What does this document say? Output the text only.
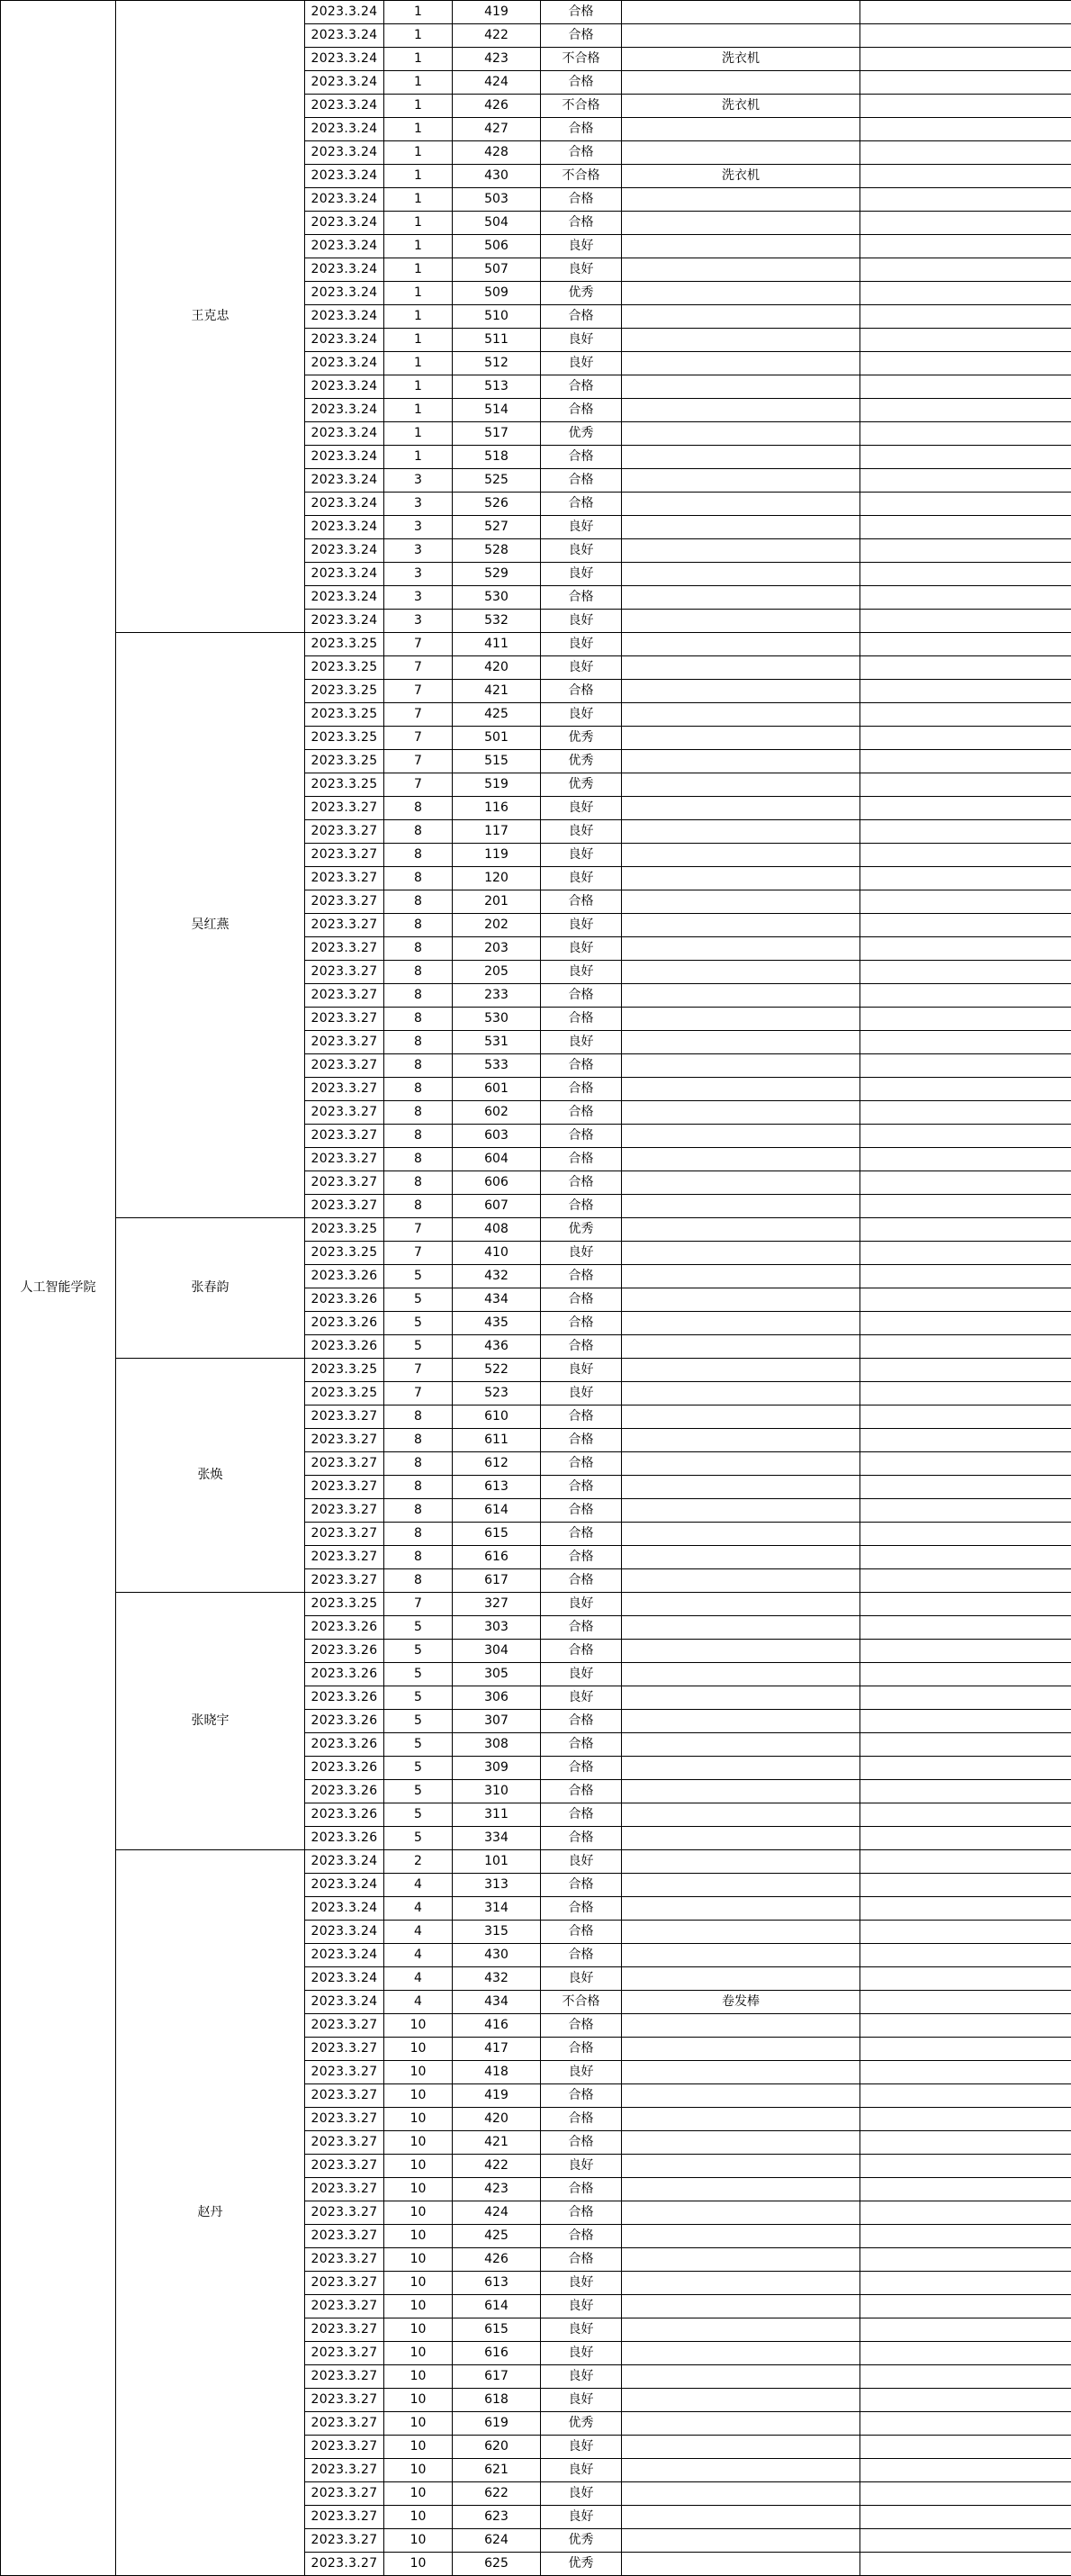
人工智能学院	王克忠	2023.3.24	1	419	合格		
		2023.3.24	1	422	合格		
		2023.3.24	1	423	不合格	洗衣机	
		2023.3.24	1	424	合格		
		2023.3.24	1	426	不合格	洗衣机	
		2023.3.24	1	427	合格		
		2023.3.24	1	428	合格		
		2023.3.24	1	430	不合格	洗衣机	
		2023.3.24	1	503	合格		
		2023.3.24	1	504	合格		
		2023.3.24	1	506	良好		
		2023.3.24	1	507	良好		
		2023.3.24	1	509	优秀		
		2023.3.24	1	510	合格		
		2023.3.24	1	511	良好		
		2023.3.24	1	512	良好		
		2023.3.24	1	513	合格		
		2023.3.24	1	514	合格		
		2023.3.24	1	517	优秀		
		2023.3.24	1	518	合格		
		2023.3.24	3	525	合格		
		2023.3.24	3	526	合格		
		2023.3.24	3	527	良好		
		2023.3.24	3	528	良好		
		2023.3.24	3	529	良好		
		2023.3.24	3	530	合格		
		2023.3.24	3	532	良好		
	吴红燕	2023.3.25	7	411	良好		
		2023.3.25	7	420	良好		
		2023.3.25	7	421	合格		
		2023.3.25	7	425	良好		
		2023.3.25	7	501	优秀		
		2023.3.25	7	515	优秀		
		2023.3.25	7	519	优秀		
		2023.3.27	8	116	良好		
		2023.3.27	8	117	良好		
		2023.3.27	8	119	良好		
		2023.3.27	8	120	良好		
		2023.3.27	8	201	合格		
		2023.3.27	8	202	良好		
		2023.3.27	8	203	良好		
		2023.3.27	8	205	良好		
		2023.3.27	8	233	合格		
		2023.3.27	8	530	合格		
		2023.3.27	8	531	良好		
		2023.3.27	8	533	合格		
		2023.3.27	8	601	合格		
		2023.3.27	8	602	合格		
		2023.3.27	8	603	合格		
		2023.3.27	8	604	合格		
		2023.3.27	8	606	合格		
		2023.3.27	8	607	合格		
	张春韵	2023.3.25	7	408	优秀		
		2023.3.25	7	410	良好		
		2023.3.26	5	432	合格		
		2023.3.26	5	434	合格		
		2023.3.26	5	435	合格		
		2023.3.26	5	436	合格		
	张焕	2023.3.25	7	522	良好		
		2023.3.25	7	523	良好		
		2023.3.27	8	610	合格		
		2023.3.27	8	611	合格		
		2023.3.27	8	612	合格		
		2023.3.27	8	613	合格		
		2023.3.27	8	614	合格		
		2023.3.27	8	615	合格		
		2023.3.27	8	616	合格		
		2023.3.27	8	617	合格		
	张晓宇	2023.3.25	7	327	良好		
		2023.3.26	5	303	合格		
		2023.3.26	5	304	合格		
		2023.3.26	5	305	良好		
		2023.3.26	5	306	良好		
		2023.3.26	5	307	合格		
		2023.3.26	5	308	合格		
		2023.3.26	5	309	合格		
		2023.3.26	5	310	合格		
		2023.3.26	5	311	合格		
		2023.3.26	5	334	合格		
	赵丹	2023.3.24	2	101	良好		
		2023.3.24	4	313	合格		
		2023.3.24	4	314	合格		
		2023.3.24	4	315	合格		
		2023.3.24	4	430	合格		
		2023.3.24	4	432	良好		
		2023.3.24	4	434	不合格	卷发棒	
		2023.3.27	10	416	合格		
		2023.3.27	10	417	合格		
		2023.3.27	10	418	良好		
		2023.3.27	10	419	合格		
		2023.3.27	10	420	合格		
		2023.3.27	10	421	合格		
		2023.3.27	10	422	良好		
		2023.3.27	10	423	合格		
		2023.3.27	10	424	合格		
		2023.3.27	10	425	合格		
		2023.3.27	10	426	合格		
		2023.3.27	10	613	良好		
		2023.3.27	10	614	良好		
		2023.3.27	10	615	良好		
		2023.3.27	10	616	良好		
		2023.3.27	10	617	良好		
		2023.3.27	10	618	良好		
		2023.3.27	10	619	优秀		
		2023.3.27	10	620	良好		
		2023.3.27	10	621	良好		
		2023.3.27	10	622	良好		
		2023.3.27	10	623	良好		
		2023.3.27	10	624	优秀		
		2023.3.27	10	625	优秀		
